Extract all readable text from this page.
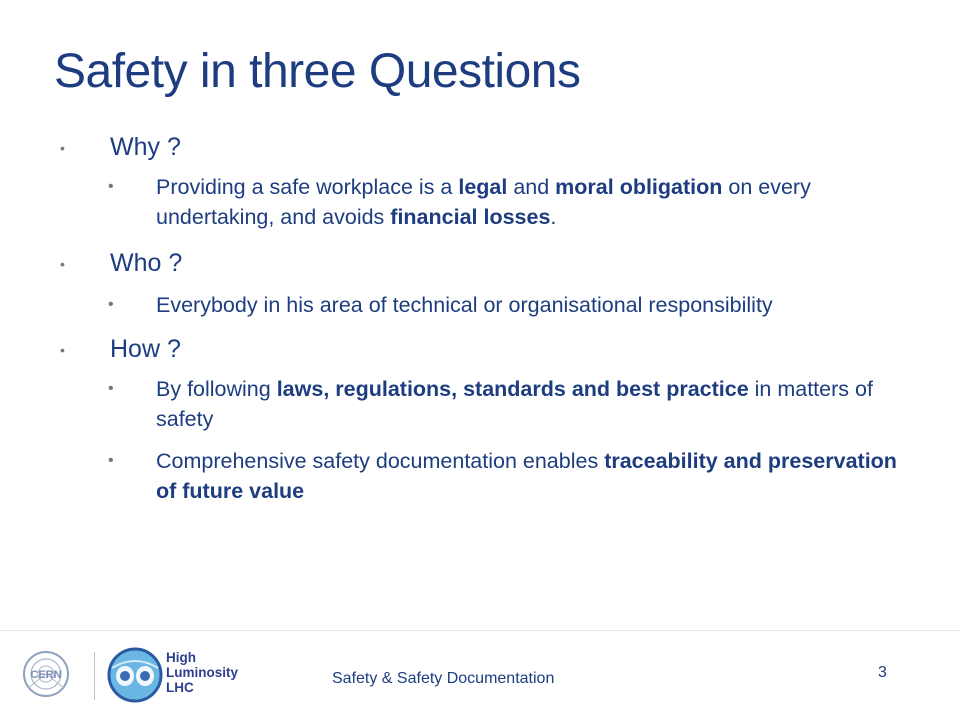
Safety in three Questions
• Why ?
• Providing a safe workplace is a legal and moral obligation on every undertaking, and avoids financial losses.
• Who ?
• Everybody in his area of technical or organisational responsibility
• How ?
• By following laws, regulations, standards and best practice in matters of safety
• Comprehensive safety documentation enables traceability and preservation of future value
CERN
High
Luminosity
LHC
Safety & Safety Documentation	3
